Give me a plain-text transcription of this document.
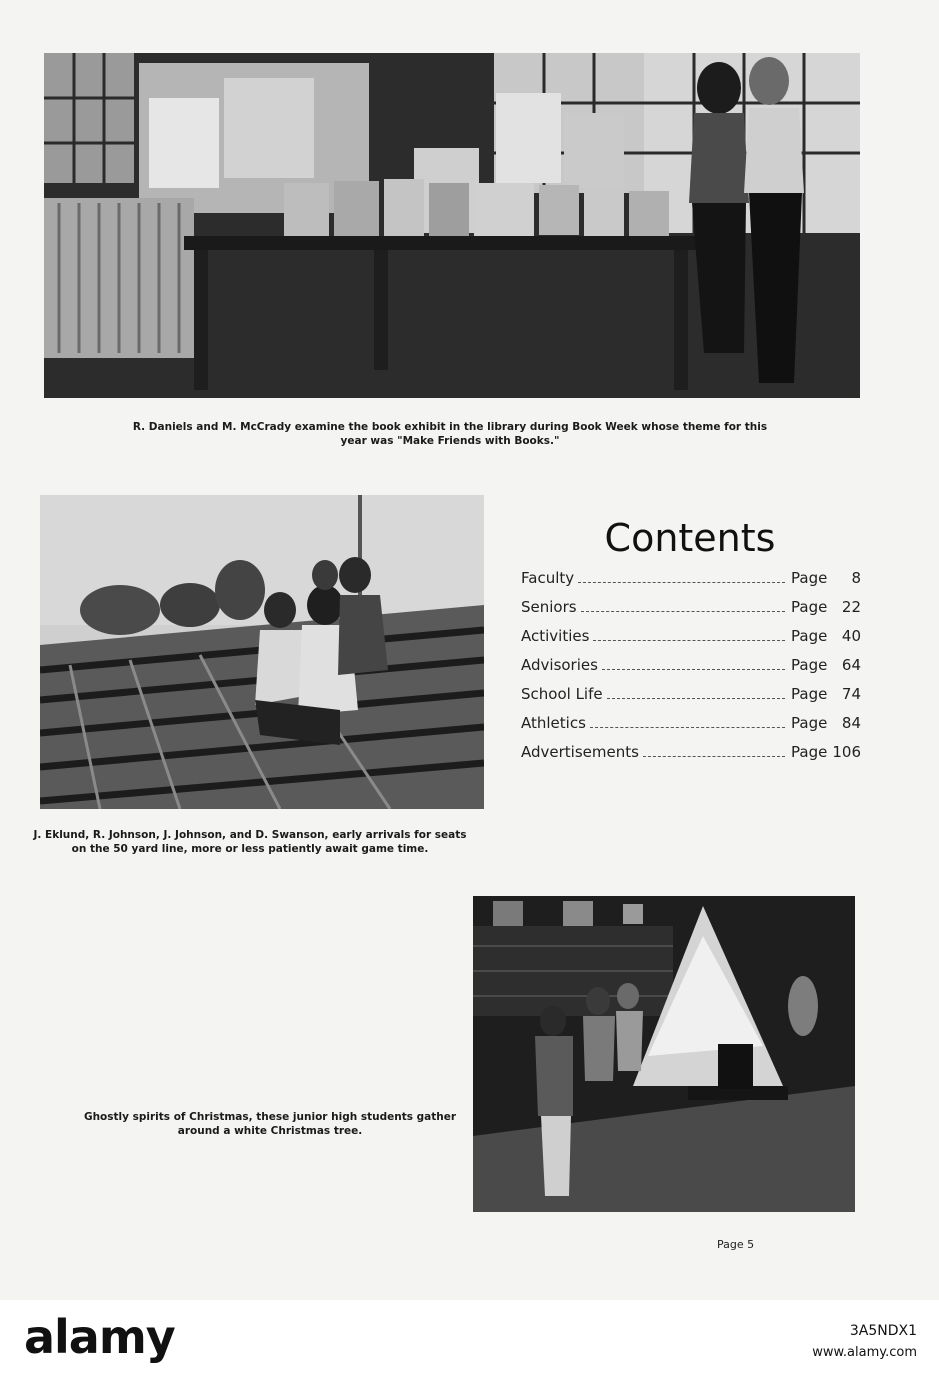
R. Daniels and M. McCrady examine the book exhibit in the library during Book Week whose theme for this year was "Make Friends with Books."
J. Eklund, R. Johnson, J. Johnson, and D. Swanson, early arrivals for seats on the 50 yard line, more or less patiently await game time.
Contents
Faculty	Page 8
Seniors	Page 22
Activities	Page 40
Advisories	Page 64
School Life	Page 74
Athletics	Page 84
Advertisements	Page 106
Ghostly spirits of Christmas, these junior high students gather around a white Christmas tree.
Page 5
alamy	3A5NDX1
www.alamy.com
